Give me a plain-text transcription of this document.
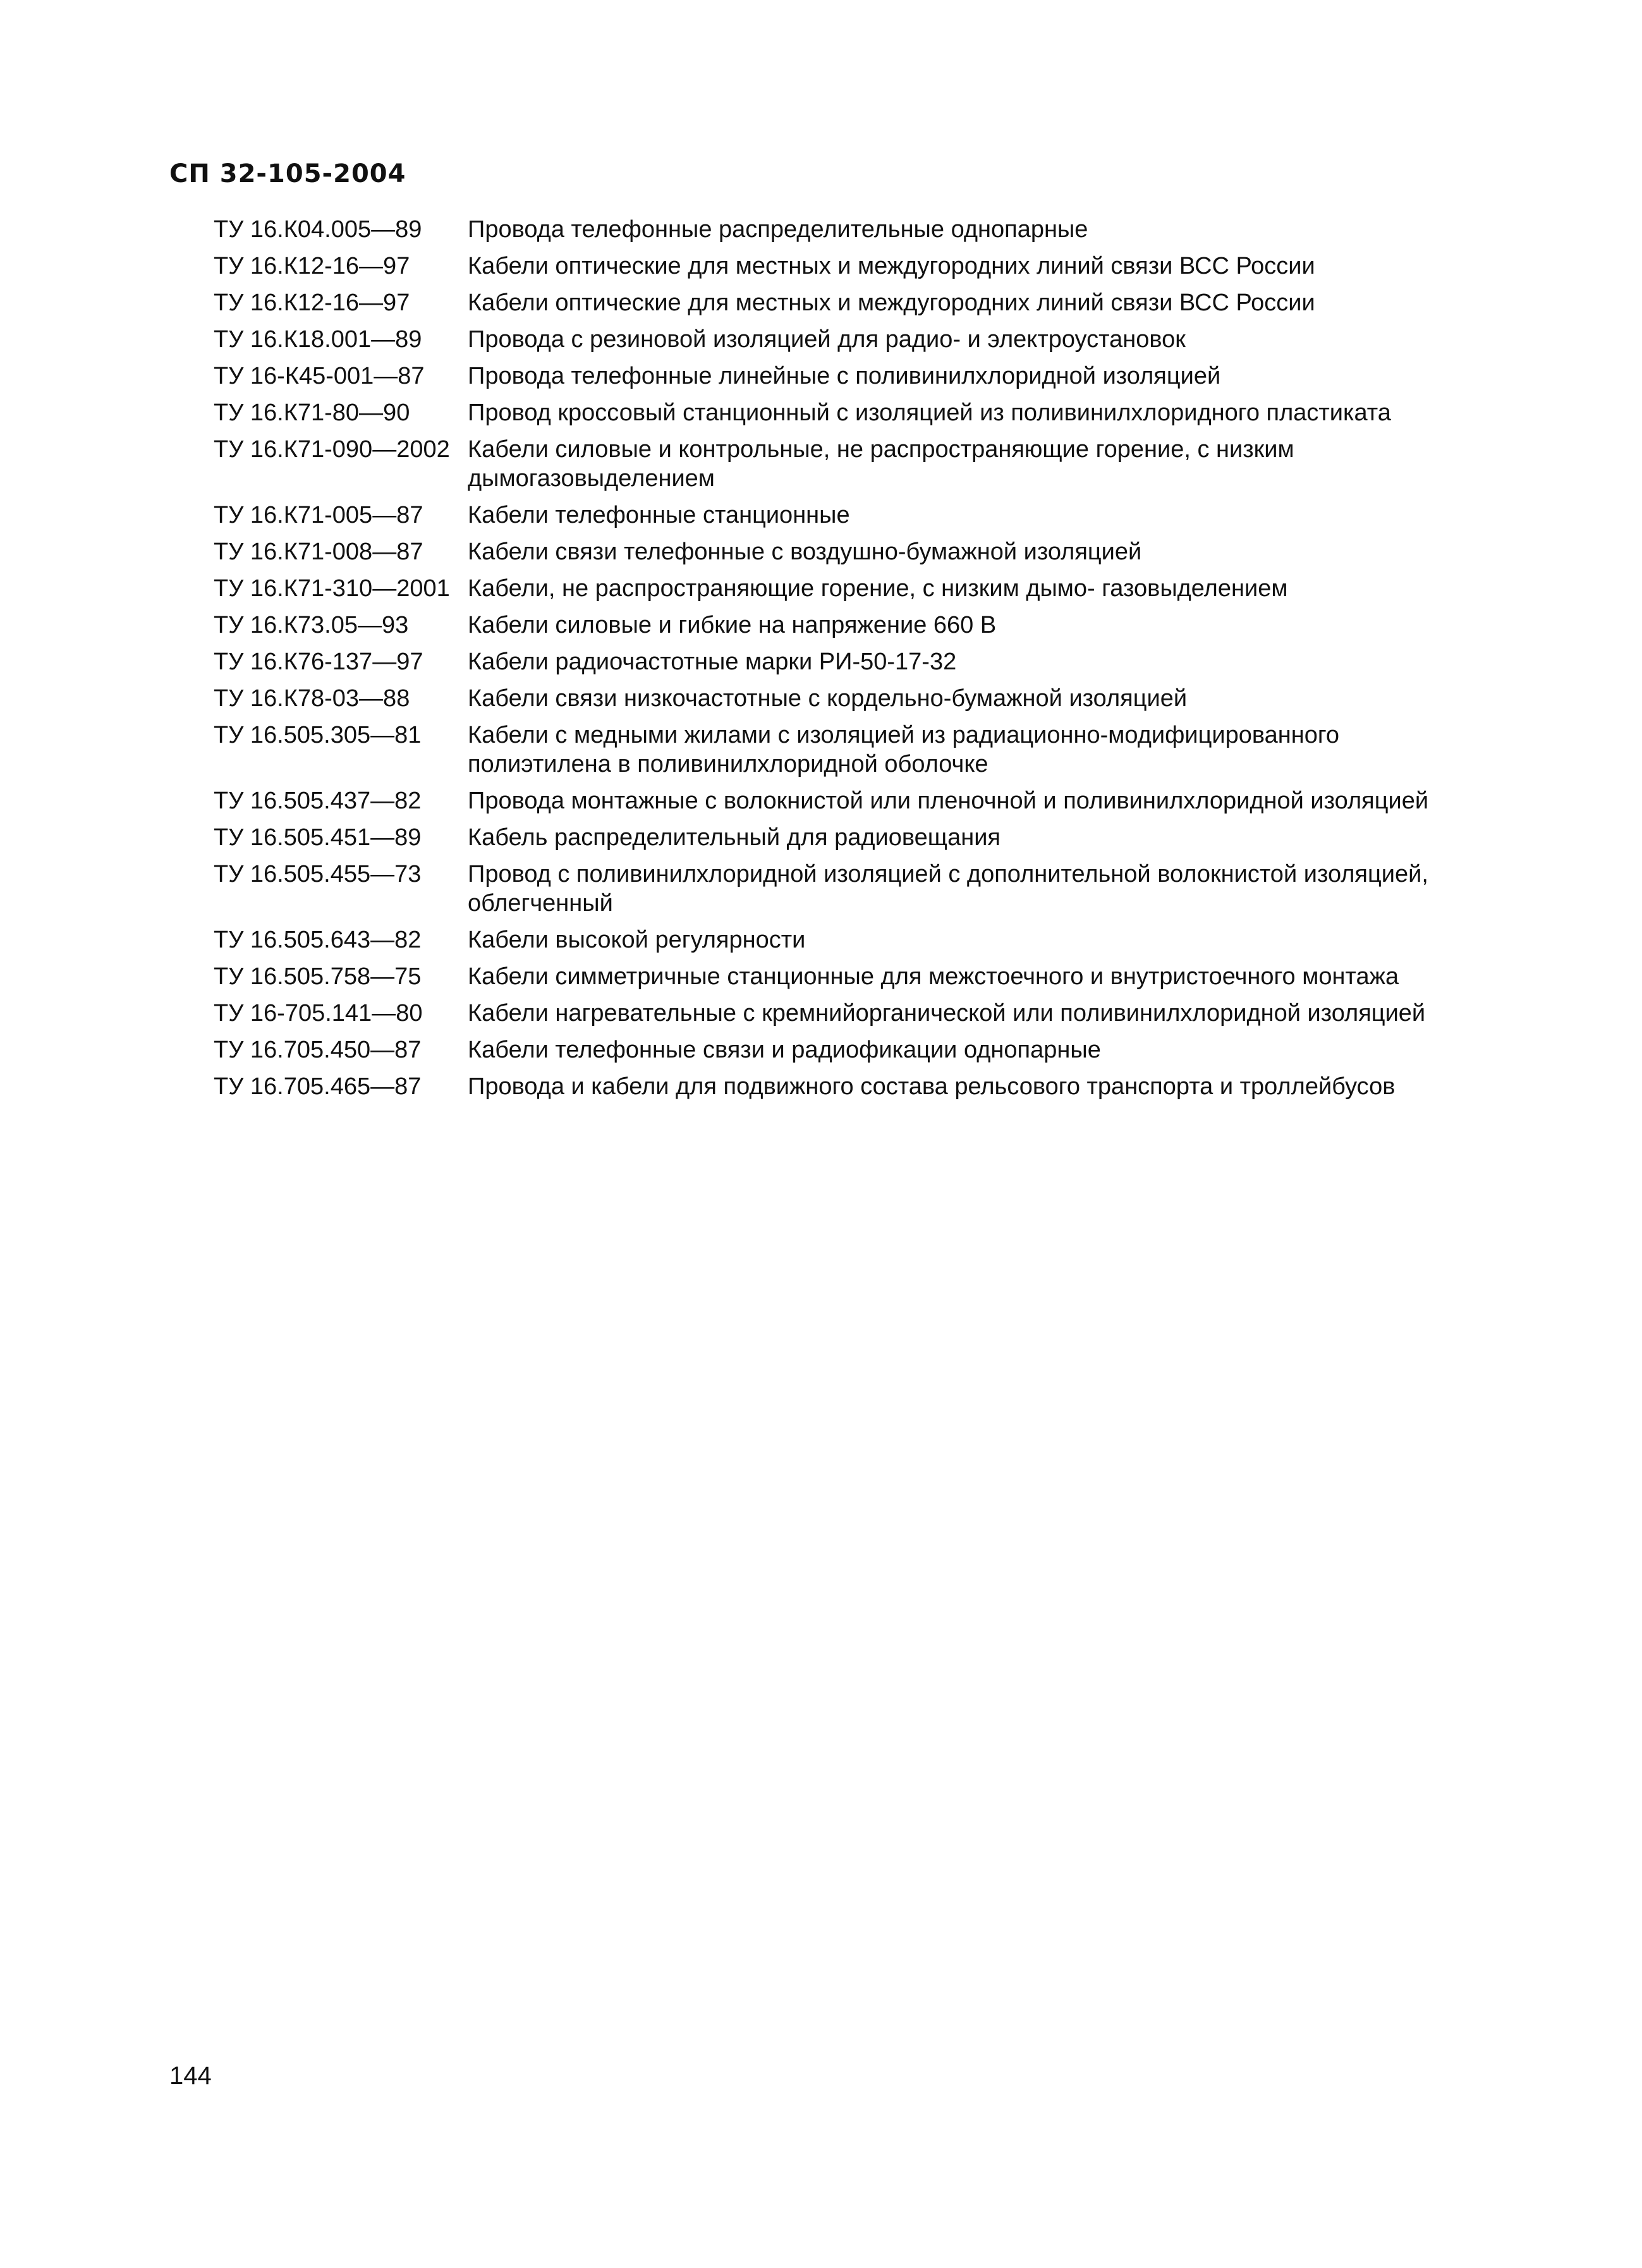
СП 32-105-2004
ТУ 16.К04.005—89	Провода телефонные распределительные однопарные
ТУ 16.К12-16—97	Кабели оптические для местных и междугородних линий связи ВСС России
ТУ 16.К12-16—97	Кабели оптические для местных и междугородних линий связи ВСС России
ТУ 16.К18.001—89	Провода с резиновой изоляцией для радио- и электроустановок
ТУ 16-К45-001—87	Провода телефонные линейные с поливинилхлоридной изоляцией
ТУ 16.К71-80—90	Провод кроссовый станционный с изоляцией из поливинилхлоридного пластиката
ТУ 16.К71-090—2002 Кабели силовые и контрольные, не распространяющие горение, с низким дымогазовыделением
ТУ 16.К71-005—87	Кабели телефонные станционные
ТУ 16.К71-008—87	Кабели связи телефонные с воздушно-бумажной изоляцией
ТУ 16.К71-310—2001 Кабели, не распространяющие горение, с низким дымо- газовыделением
ТУ 16.К73.05—93	Кабели силовые и гибкие на напряжение 660 В
ТУ 16.К76-137—97	Кабели радиочастотные марки РИ-50-17-32
ТУ 16.К78-03—88	Кабели связи низкочастотные с кордельно-бумажной изоляцией
ТУ 16.505.305—81	Кабели с медными жилами с изоляцией из радиационно-модифицированного полиэтилена в поливинилхлоридной оболочке
ТУ 16.505.437—82	Провода монтажные с волокнистой или пленочной и поливинилхлоридной изоляцией
ТУ 16.505.451—89	Кабель распределительный для радиовещания
ТУ 16.505.455—73	Провод с поливинилхлоридной изоляцией с дополнительной волокнистой изоляцией, облегченный
ТУ 16.505.643—82	Кабели высокой регулярности
ТУ 16.505.758—75	Кабели симметричные станционные для межстоечного и внутристоечного монтажа
ТУ 16-705.141—80	Кабели нагревательные с кремнийорганической или поливинилхлоридной изоляцией
ТУ 16.705.450—87	Кабели телефонные связи и радиофикации однопарные
ТУ 16.705.465—87	Провода и кабели для подвижного состава рельсового транспорта и троллейбусов
144
